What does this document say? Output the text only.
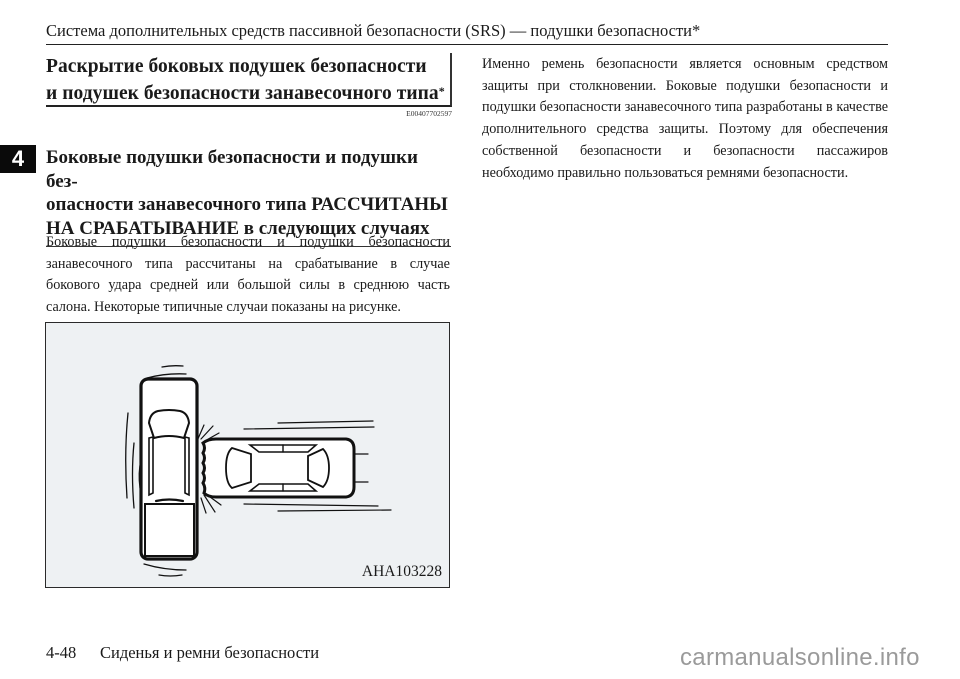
Система дополнительных средств пассивной безопасности (SRS) — подушки безопасности*
Раскрытие боковых подушек безопасности
и подушек безопасности занавесочного типа*
E00407702597
4	Боковые подушки безопасности и подушки без-
опасности занавесочного типа РАССЧИТАНЫ
НА СРАБАТЫВАНИЕ в следующих случаях
Боковые подушки безопасности и подушки безопасности занавесочного типа рассчитаны на срабатывание в случае бокового удара средней или большой силы в среднюю часть салона. Некоторые типичные случаи показаны на рисунке.
AHA103228
Именно ремень безопасности является основным средством защиты при столкновении. Боковые подушки безопасности и подушки безопасности занавесочного типа разработаны в качестве дополнительного средства защиты. Поэтому для обеспечения собственной безопасности и безопасности пассажиров необходимо правильно пользоваться ремнями безопасности.
4-48 Сиденья и ремни безопасности	carmanualsonline.info
